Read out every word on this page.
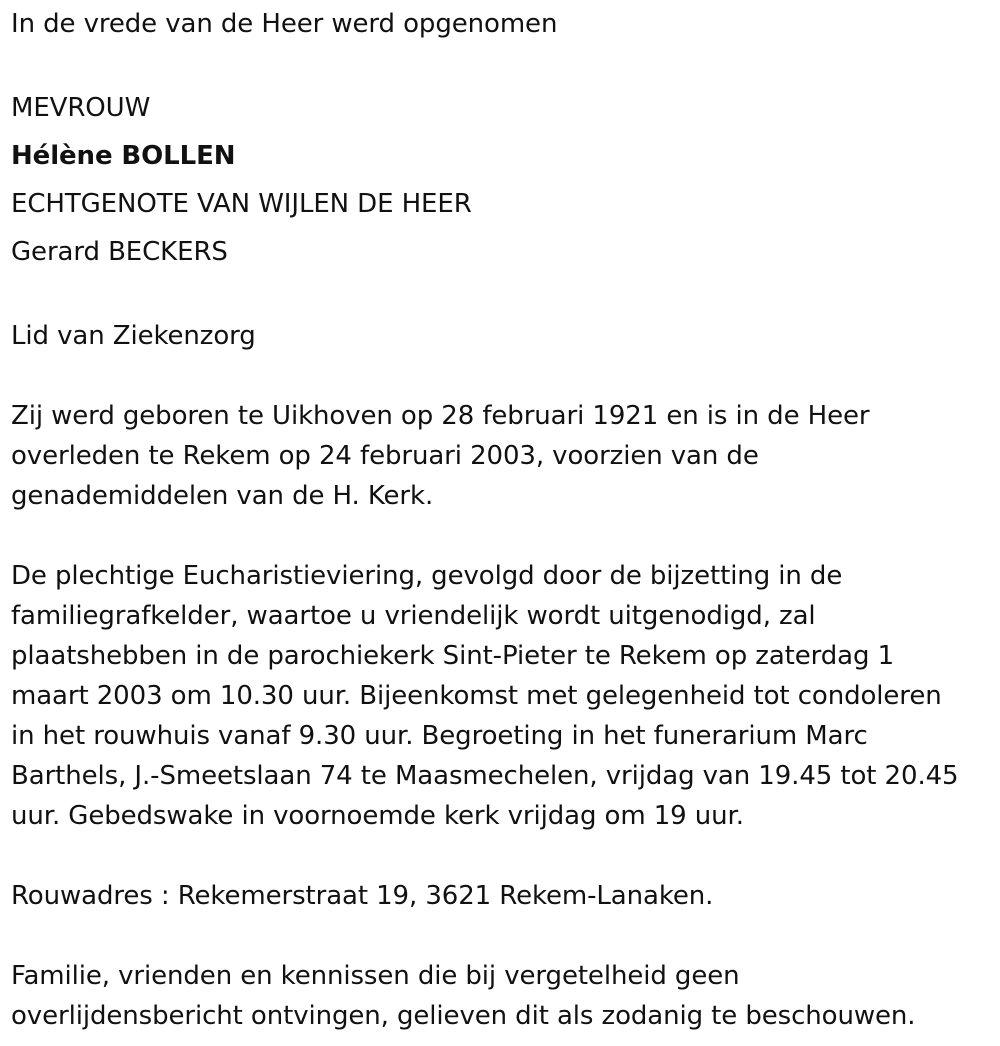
In de vrede van de Heer werd opgenomen

MEVROUW

Hélène BOLLEN

ECHTGENOTE VAN WIJLEN DE HEER

Gerard BECKERS

Lid van Ziekenzorg

Zij werd geboren te Uikhoven op 28 februari 1921 en is in de Heer

overleden te Rekem op 24 februari 2003, voorzien van de

genademiddelen van de H. Kerk.

De plechtige Eucharistieviering, gevolgd door de bijzetting in de

familiegrafkelder, waartoe u vriendelijk wordt uitgenodigd, zal

plaatshebben in de parochiekerk Sint-Pieter te Rekem op zaterdag 1

maart 2003 om 10.30 uur. Bijeenkomst met gelegenheid tot condoleren

in het rouwhuis vanaf 9.30 uur. Begroeting in het funerarium Marc

Barthels, J.-Smeetslaan 74 te Maasmechelen, vrijdag van 19.45 tot 20.45

uur. Gebedswake in voornoemde kerk vrijdag om 19 uur.

Rouwadres : Rekemerstraat 19, 3621 Rekem-Lanaken.

Familie, vrienden en kennissen die bij vergetelheid geen

overlijdensbericht ontvingen, gelieven dit als zodanig te beschouwen.
